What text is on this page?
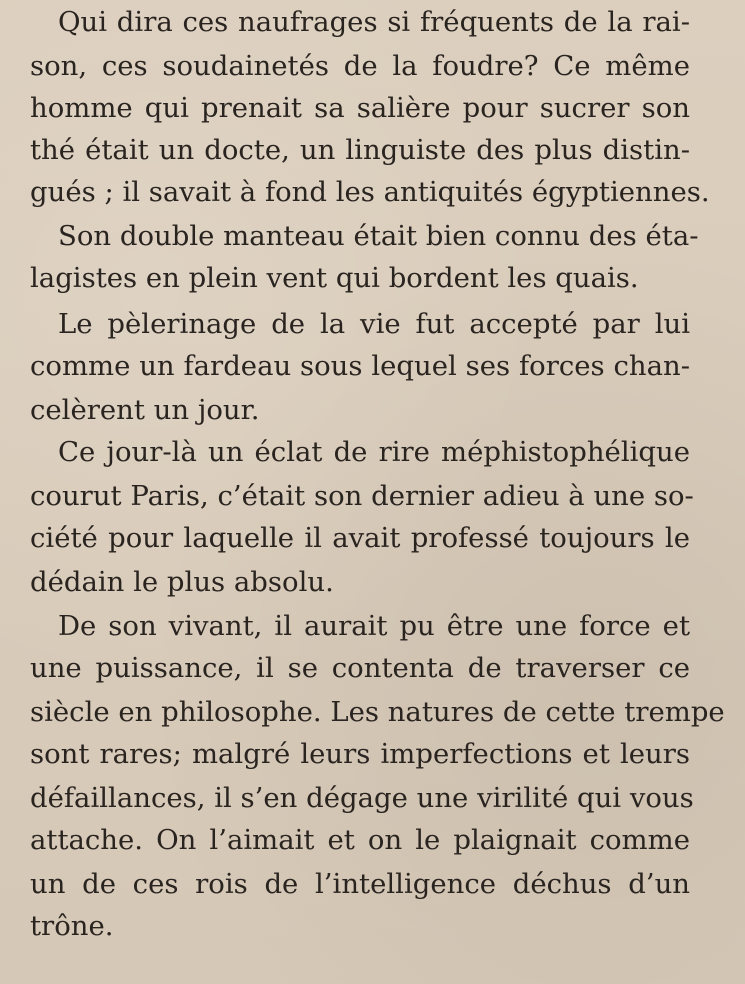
Qui dira ces naufrages si fréquents de la rai-
son, ces soudainetés de la foudre? Ce même
homme qui prenait sa salière pour sucrer son
thé était un docte, un linguiste des plus distin-
gués ; il savait à fond les antiquités égyptiennes.
Son double manteau était bien connu des éta-
lagistes en plein vent qui bordent les quais.
Le pèlerinage de la vie fut accepté par lui
comme un fardeau sous lequel ses forces chan-
celèrent un jour.
Ce jour-là un éclat de rire méphistophélique
courut Paris, c’était son dernier adieu à une so-
ciété pour laquelle il avait professé toujours le
dédain le plus absolu.
De son vivant, il aurait pu être une force et
une puissance, il se contenta de traverser ce
siècle en philosophe. Les natures de cette trempe
sont rares; malgré leurs imperfections et leurs
défaillances, il s’en dégage une virilité qui vous
attache. On l’aimait et on le plaignait comme
un de ces rois de l’intelligence déchus d’un
trône.
